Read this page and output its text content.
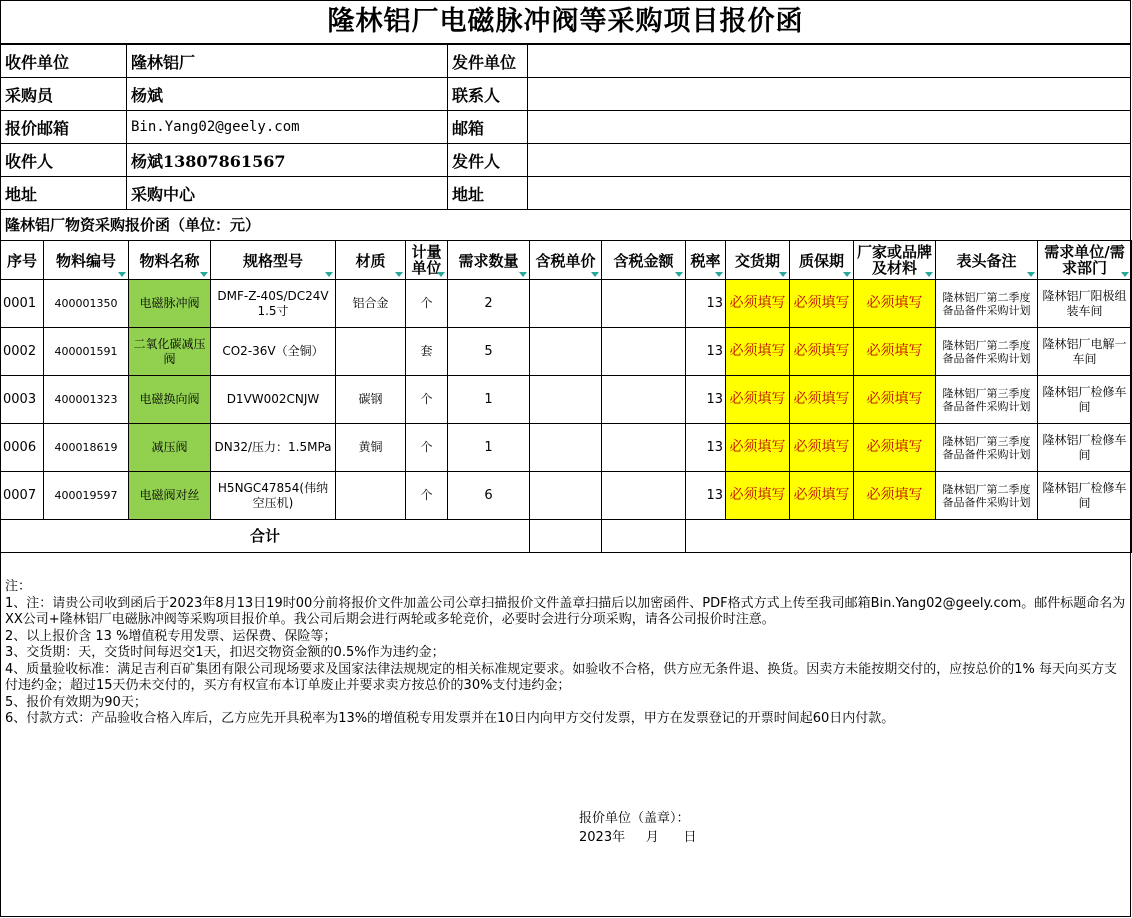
隆林铝厂电磁脉冲阀等采购项目报价函
收件单位	隆林铝厂	发件单位	
采购员	杨斌	联系人	
报价邮箱	Bin.Yang02@geely.com	邮箱	
收件人	杨斌13807861567	发件人	
地址	采购中心	地址	
隆林铝厂物资采购报价函（单位：元）
序号	物料编号	物料名称	规格型号	材质	计量单位	需求数量	含税单价	含税金额	税率	交货期	质保期	厂家或品牌及材料	表头备注	需求单位/需求部门

0001	400001350	电磁脉冲阀	DMF-Z-40S/DC24V 1.5寸	铝合金	个	2			13	必须填写	必须填写	必须填写	隆林铝厂第二季度备品备件采购计划	隆林铝厂阳极组装车间
0002	400001591	二氧化碳减压阀	CO2-36V（全铜）		套	5			13	必须填写	必须填写	必须填写	隆林铝厂第二季度备品备件采购计划	隆林铝厂电解一车间
0003	400001323	电磁换向阀	D1VW002CNJW	碳钢	个	1			13	必须填写	必须填写	必须填写	隆林铝厂第三季度备品备件采购计划	隆林铝厂检修车间
0006	400018619	减压阀	DN32/压力：1.5MPa	黄铜	个	1			13	必须填写	必须填写	必须填写	隆林铝厂第三季度备品备件采购计划	隆林铝厂检修车间
0007	400019597	电磁阀对丝	H5NGC47854(伟纳空压机)		个	6			13	必须填写	必须填写	必须填写	隆林铝厂第二季度备品备件采购计划	隆林铝厂检修车间
合计														
注：
1、注：请贵公司收到函后于2023年8月13日19时00分前将报价文件加盖公司公章扫描报价文件盖章扫描后以加密函件、PDF格式方式上传至我司邮箱Bin.Yang02@geely.com。邮件标题命名为XX公司+隆林铝厂电磁脉冲阀等采购项目报价单。我公司后期会进行两轮或多轮竞价，必要时会进行分项采购，请各公司报价时注意。
2、以上报价含 13 %增值税专用发票、运保费、保险等；
3、交货期：天，交货时间每迟交1天，扣迟交物资金额的0.5%作为违约金；
4、质量验收标准：满足吉利百矿集团有限公司现场要求及国家法律法规规定的相关标准规定要求。如验收不合格，供方应无条件退、换货。因卖方未能按期交付的，应按总价的1% 每天向买方支付违约金；超过15天仍未交付的，买方有权宣布本订单废止并要求卖方按总价的30%支付违约金；
5、报价有效期为90天；
6、付款方式：产品验收合格入库后，乙方应先开具税率为13%的增值税专用发票并在10日内向甲方交付发票，甲方在发票登记的开票时间起60日内付款。
报价单位（盖章）：
2023年     月      日
